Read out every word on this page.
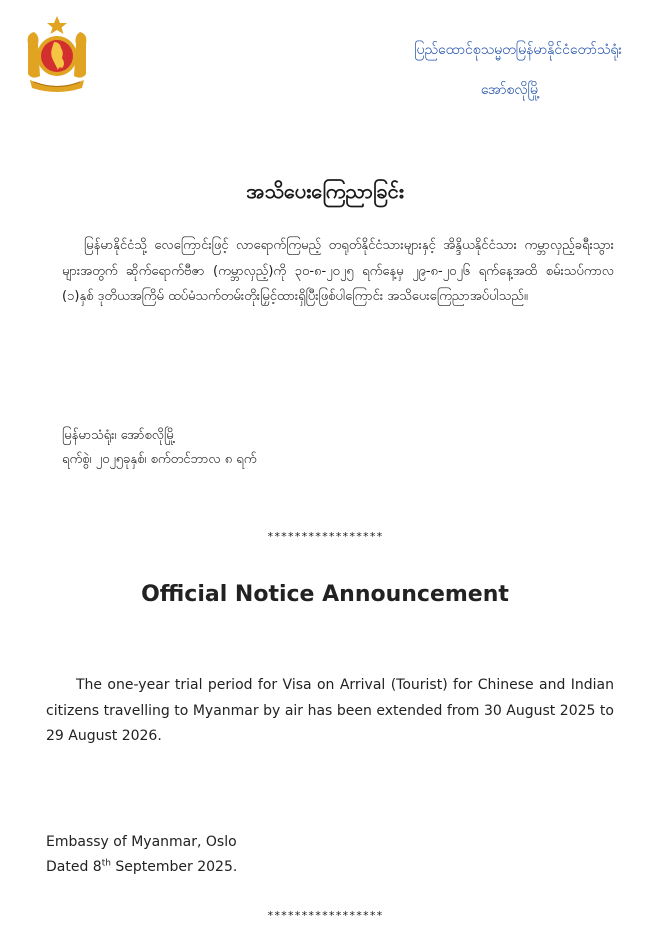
ပြည်ထောင်စုသမ္မတမြန်မာနိုင်ငံတော်သံရုံး
အော်စလိုမြို့
အသိပေးကြေညာခြင်း
မြန်မာနိုင်ငံသို့ လေကြောင်းဖြင့် လာရောက်ကြမည့် တရုတ်နိုင်ငံသားများနှင့် အိန္ဒိယနိုင်ငံသား ကမ္ဘာလှည့်ခရီးသွားများအတွက် ဆိုက်ရောက်ဗီဇာ (ကမ္ဘာလှည့်)ကို ၃၀-၈-၂၀၂၅ ရက်နေ့မှ ၂၉-၈-၂၀၂၆ ရက်နေ့အထိ စမ်းသပ်ကာလ (၁)နှစ် ဒုတိယအကြိမ် ထပ်မံသက်တမ်းတိုးမြှင့်ထားရှိပြီးဖြစ်ပါကြောင်း အသိပေးကြေညာအပ်ပါသည်။
မြန်မာသံရုံး၊ အော်စလိုမြို့
ရက်စွဲ၊ ၂၀၂၅ခုနှစ်၊ စက်တင်ဘာလ ၈ ရက်
*****************
Official Notice Announcement
The one-year trial period for Visa on Arrival (Tourist) for Chinese and Indian citizens travelling to Myanmar by air has been extended from 30 August 2025 to 29 August 2026.
Embassy of Myanmar, Oslo
Dated 8th September 2025.
*****************
